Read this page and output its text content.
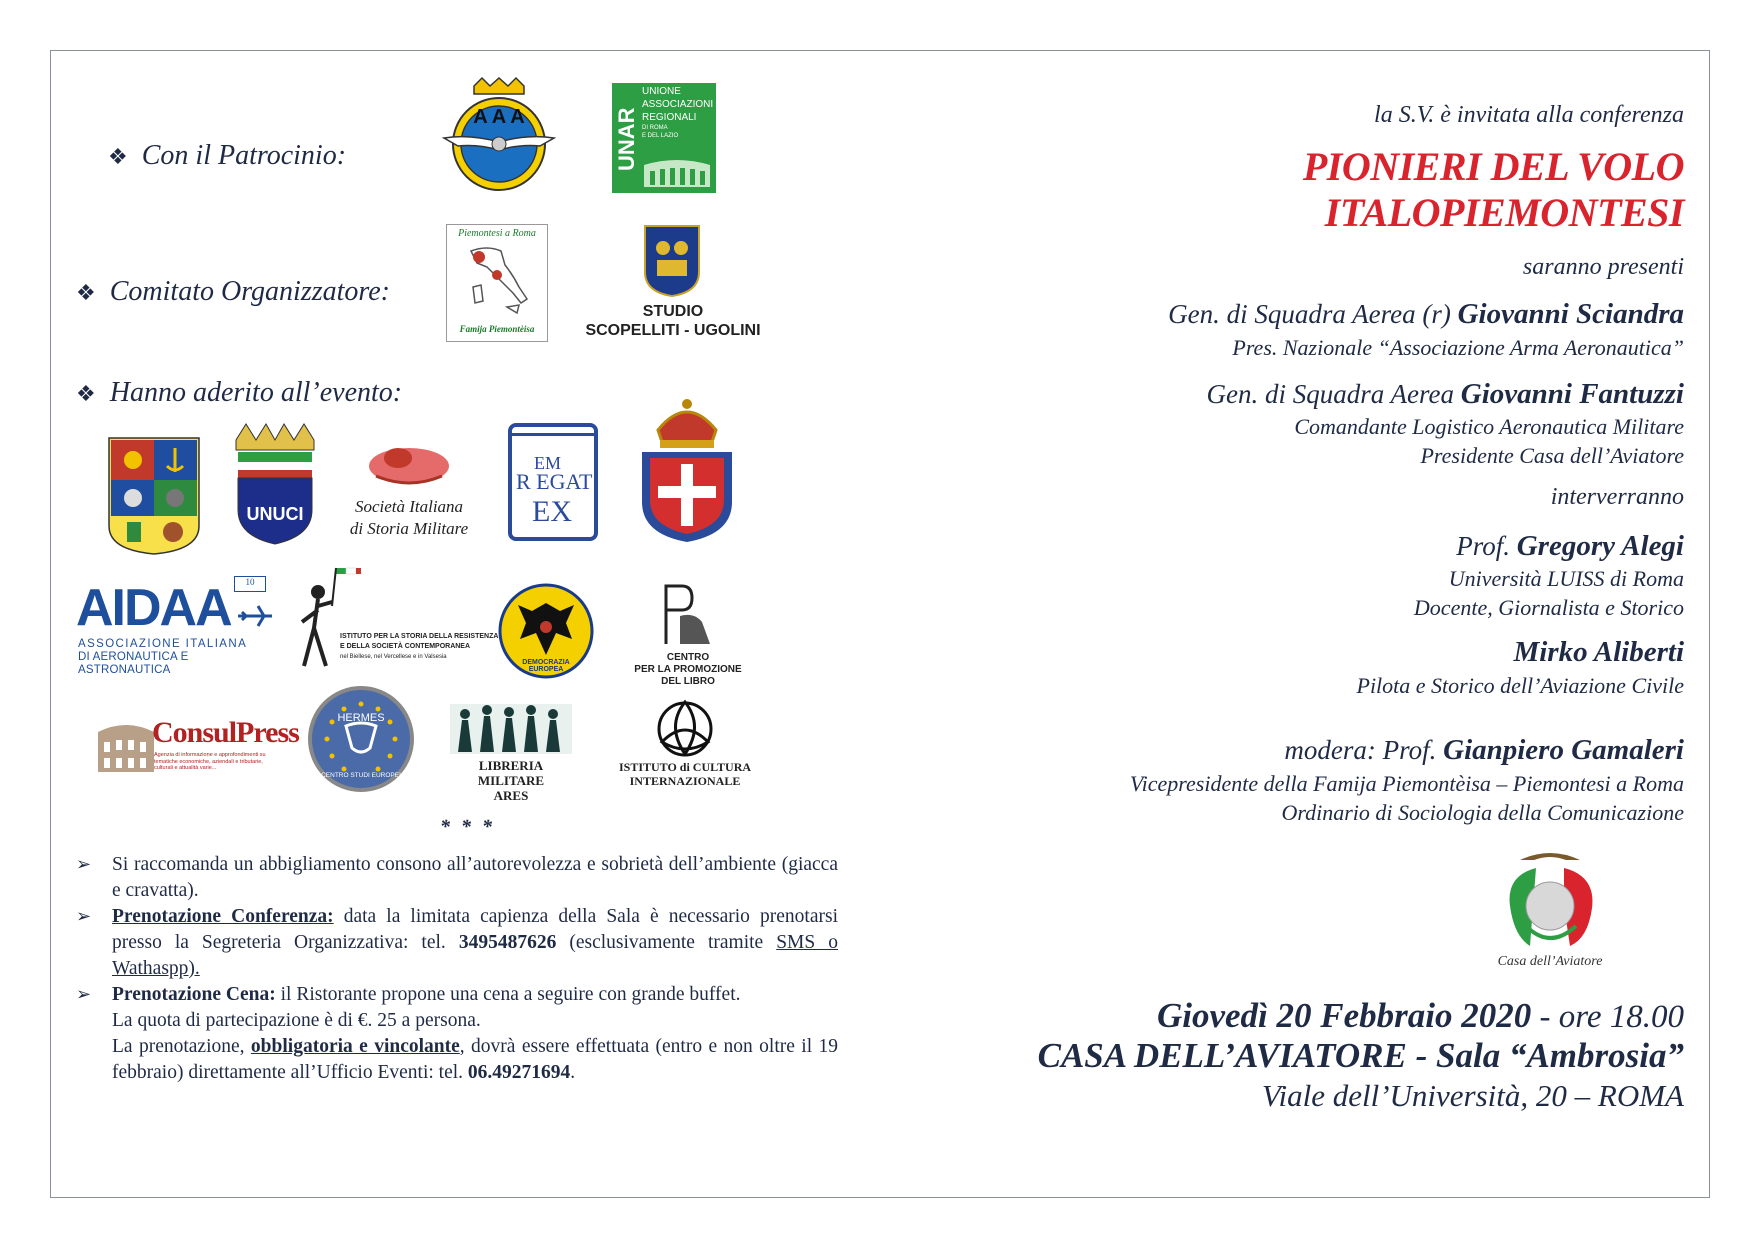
❖ Con il Patrocinio:
❖ Comitato Organizzatore:
❖ Hanno aderito all’evento:
A A A	UNAR
UNIONE
ASSOCIAZIONI
REGIONALI
DI ROMA
E DEL LAZIO
Piemontesi a Roma
Famija Piemontèisa
STUDIO
SCOPELLITI - UGOLINI
UNUCI	Società Italiana
di Storia Militare
EM
R EGAT
EX
AIDAA	10
ASSOCIAZIONE ITALIANA
DI AERONAUTICA E ASTRONAUTICA
ISTITUTO PER LA STORIA DELLA RESISTENZA
E DELLA SOCIETÀ CONTEMPORANEA
nel Biellese, nel Vercellese e in Valsesia
DEMOCRAZIA EUROPEA
CENTRO
PER LA PROMOZIONE
DEL LIBRO
ConsulPress
Agenzia di informazione e approfondimenti su tematiche economiche, aziendali e tributarie, culturali e attualità varie...
HERMES
CENTRO STUDI EUROPEI
LIBRERIA MILITARE
ARES
ISTITUTO di CULTURA
INTERNAZIONALE
* * *
➢ Si raccomanda un abbigliamento consono all’autorevolezza e sobrietà dell’ambiente (giacca e cravatta).
➢ Prenotazione Conferenza: data la limitata capienza della Sala è necessario prenotarsi presso la Segreteria Organizzativa: tel. 3495487626 (esclusivamente tramite SMS o Wathaspp).
➢ Prenotazione Cena: il Ristorante propone una cena a seguire con grande buffet.
La quota di partecipazione è di €. 25 a persona.
La prenotazione, obbligatoria e vincolante, dovrà essere effettuata (entro e non oltre il 19 febbraio) direttamente all’Ufficio Eventi: tel. 06.49271694.
la S.V. è invitata alla conferenza
PIONIERI DEL VOLO
ITALOPIEMONTESI
saranno presenti
Gen. di Squadra Aerea (r) Giovanni Sciandra
Pres. Nazionale “Associazione Arma Aeronautica”
Gen. di Squadra Aerea Giovanni Fantuzzi
Comandante Logistico Aeronautica Militare
Presidente Casa dell’Aviatore
interverranno
Prof. Gregory Alegi
Università LUISS di Roma
Docente, Giornalista e Storico
Mirko Aliberti
Pilota e Storico dell’Aviazione Civile
modera: Prof. Gianpiero Gamaleri
Vicepresidente della Famija Piemontèisa – Piemontesi a Roma
Ordinario di Sociologia della Comunicazione
Casa dell’Aviatore
Giovedì 20 Febbraio 2020 - ore 18.00
CASA DELL’AVIATORE - Sala “Ambrosia”
Viale dell’Università, 20 – ROMA
